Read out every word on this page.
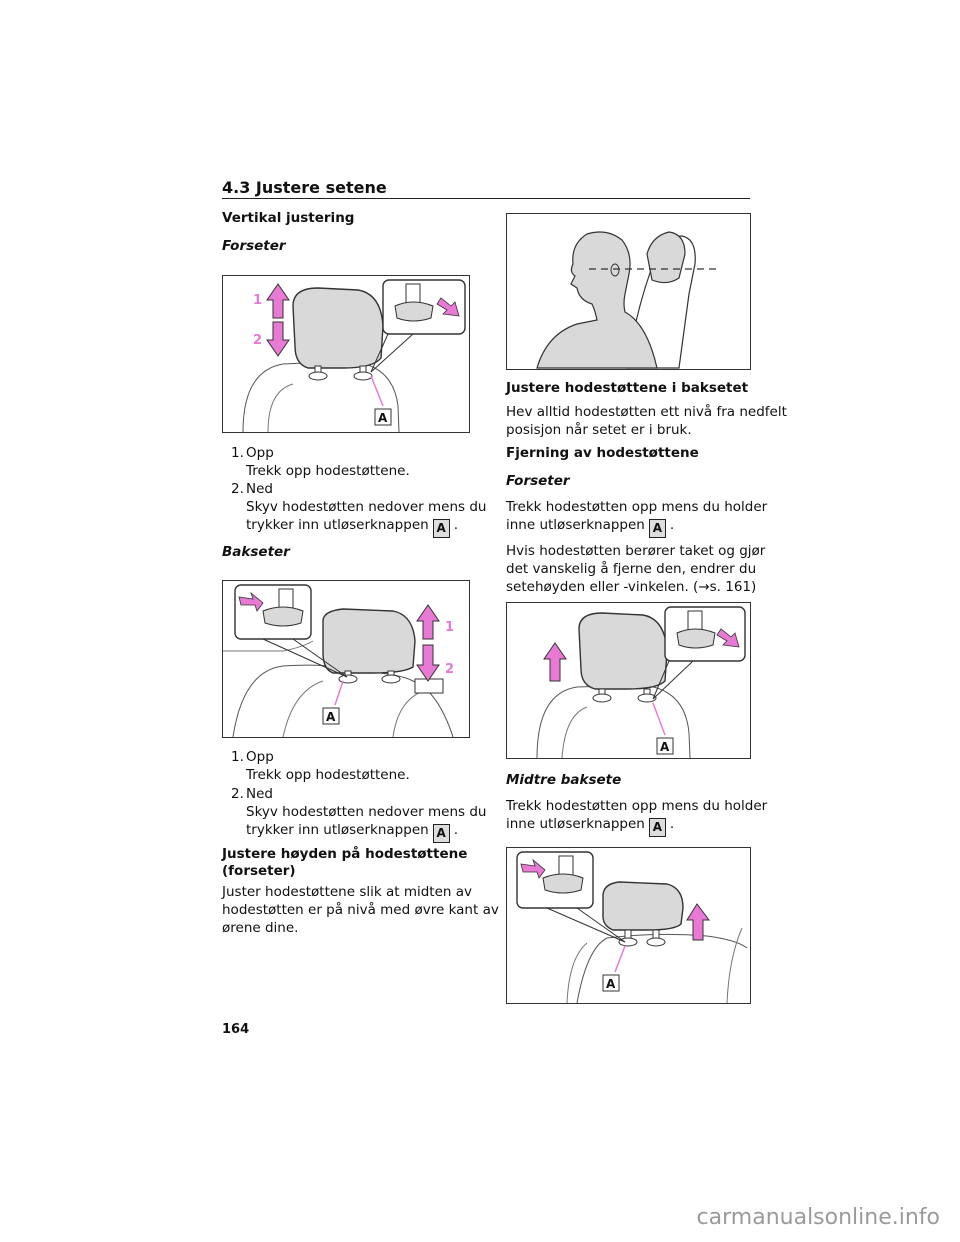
4.3 Justere setene
Vertikal justering
Forseter
1
2
A
1. Opp
Trekk opp hodestøttene.
2. Ned
Skyv hodestøtten nedover mens du
trykker inn utløserknappen A .
Bakseter
1
2
A
1. Opp
Trekk opp hodestøttene.
2. Ned
Skyv hodestøtten nedover mens du
trykker inn utløserknappen A .
Justere høyden på hodestøttene
(forseter)

Juster hodestøttene slik at midten av

hodestøtten er på nivå med øvre kant av

ørene dine.

Justere hodestøttene i baksetet

Hev alltid hodestøtten ett nivå fra nedfelt

posisjon når setet er i bruk.

Fjerning av hodestøttene
Forseter

Trekk hodestøtten opp mens du holder

inne utløserknappen A .

Hvis hodestøtten berører taket og gjør

det vanskelig å fjerne den, endrer du

setehøyden eller -vinkelen. (→s. 161)

A
Midtre baksete

Trekk hodestøtten opp mens du holder

inne utløserknappen A .

A
164
carmanualsonline.info
